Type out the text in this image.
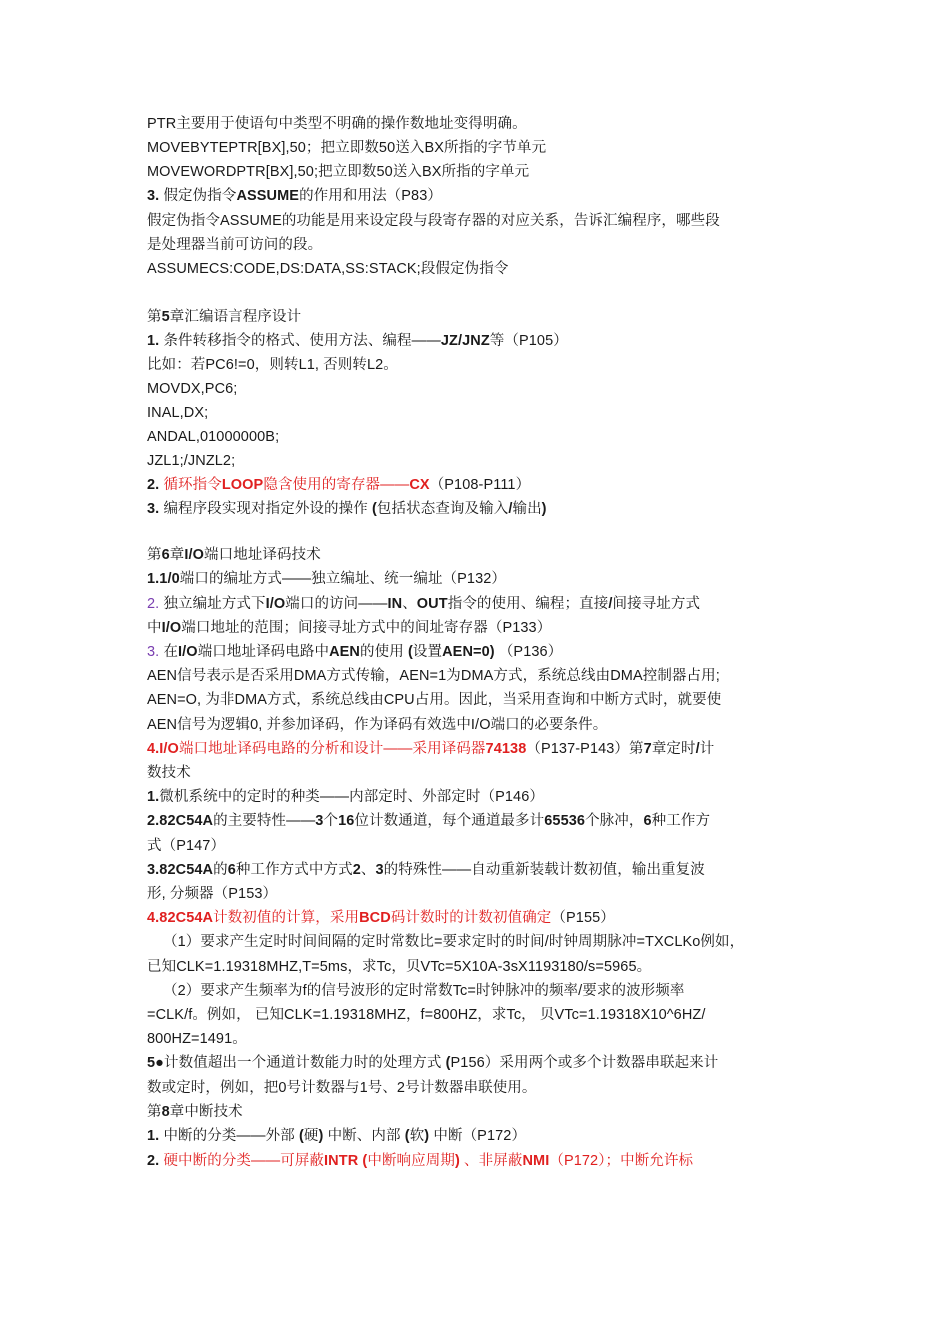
PTR主要用于使语句中类型不明确的操作数地址变得明确。
MOVEBYTEPTR[BX],50；把立即数50送入BX所指的字节单元
MOVEWORDPTR[BX],50;把立即数50送入BX所指的字单元
3. 假定伪指令ASSUME的作用和用法（P83）
假定伪指令ASSUME的功能是用来设定段与段寄存器的对应关系，告诉汇编程序，哪些段
是处理器当前可访问的段。
ASSUMECS:CODE,DS:DATA,SS:STACK;段假定伪指令
第5章汇编语言程序设计
1. 条件转移指令的格式、使用方法、编程——JZ/JNZ等（P105）
比如：若PC6!=0，则转L1, 否则转L2。
MOVDX,PC6;
INAL,DX;
ANDAL,01000000B;
JZL1;/JNZL2;
2. 循环指令LOOP隐含使用的寄存器——CX（P108-P111）
3. 编程序段实现对指定外设的操作 (包括状态查询及输入/输出)
第6章I/O端口地址译码技术
1.1/0端口的编址方式——独立编址、统一编址（P132）
2. 独立编址方式下I/O端口的访问——IN、OUT指令的使用、编程；直接/间接寻址方式
中I/O端口地址的范围；间接寻址方式中的间址寄存器（P133）
3. 在I/O端口地址译码电路中AEN的使用 (设置AEN=0) （P136）
AEN信号表示是否采用DMA方式传输，AEN=1为DMA方式，系统总线由DMA控制器占用;
AEN=O, 为非DMA方式，系统总线由CPU占用。因此，当采用查询和中断方式时，就要使
AEN信号为逻辑0, 并参加译码，作为译码有效选中I/O端口的必要条件。
4.I/O端口地址译码电路的分析和设计——采用译码器74138（P137-P143）第7章定时/计
数技术
1.微机系统中的定时的种类——内部定时、外部定时（P146）
2.82C54A的主要特性——3个16位计数通道，每个通道最多计65536个脉冲，6种工作方
式（P147）
3.82C54A的6种工作方式中方式2、3的特殊性——自动重新装载计数初值，输出重复波
形, 分频器（P153）
4.82C54A计数初值的计算，采用BCD码计数时的计数初值确定（P155）
（1）要求产生定时时间间隔的定时常数比=要求定时的时间/时钟周期脉冲=TXCLKo例如，
已知CLK=1.19318MHZ,T=5ms，求Tc，贝VTc=5X10A-3sX1193180/s=5965。
（2）要求产生频率为f的信号波形的定时常数Tc=时钟脉冲的频率/要求的波形频率
=CLK/f。例如， 已知CLK=1.19318MHZ，f=800HZ，求Tc， 贝VTc=1.19318X10^6HZ/
800HZ=1491。
5●计数值超出一个通道计数能力时的处理方式 (P156）采用两个或多个计数器串联起来计
数或定时，例如，把0号计数器与1号、2号计数器串联使用。
第8章中断技术
1. 中断的分类——外部 (硬) 中断、内部 (软) 中断（P172）
2. 硬中断的分类——可屏蔽INTR (中断响应周期) 、非屏蔽NMI（P172）；中断允许标
